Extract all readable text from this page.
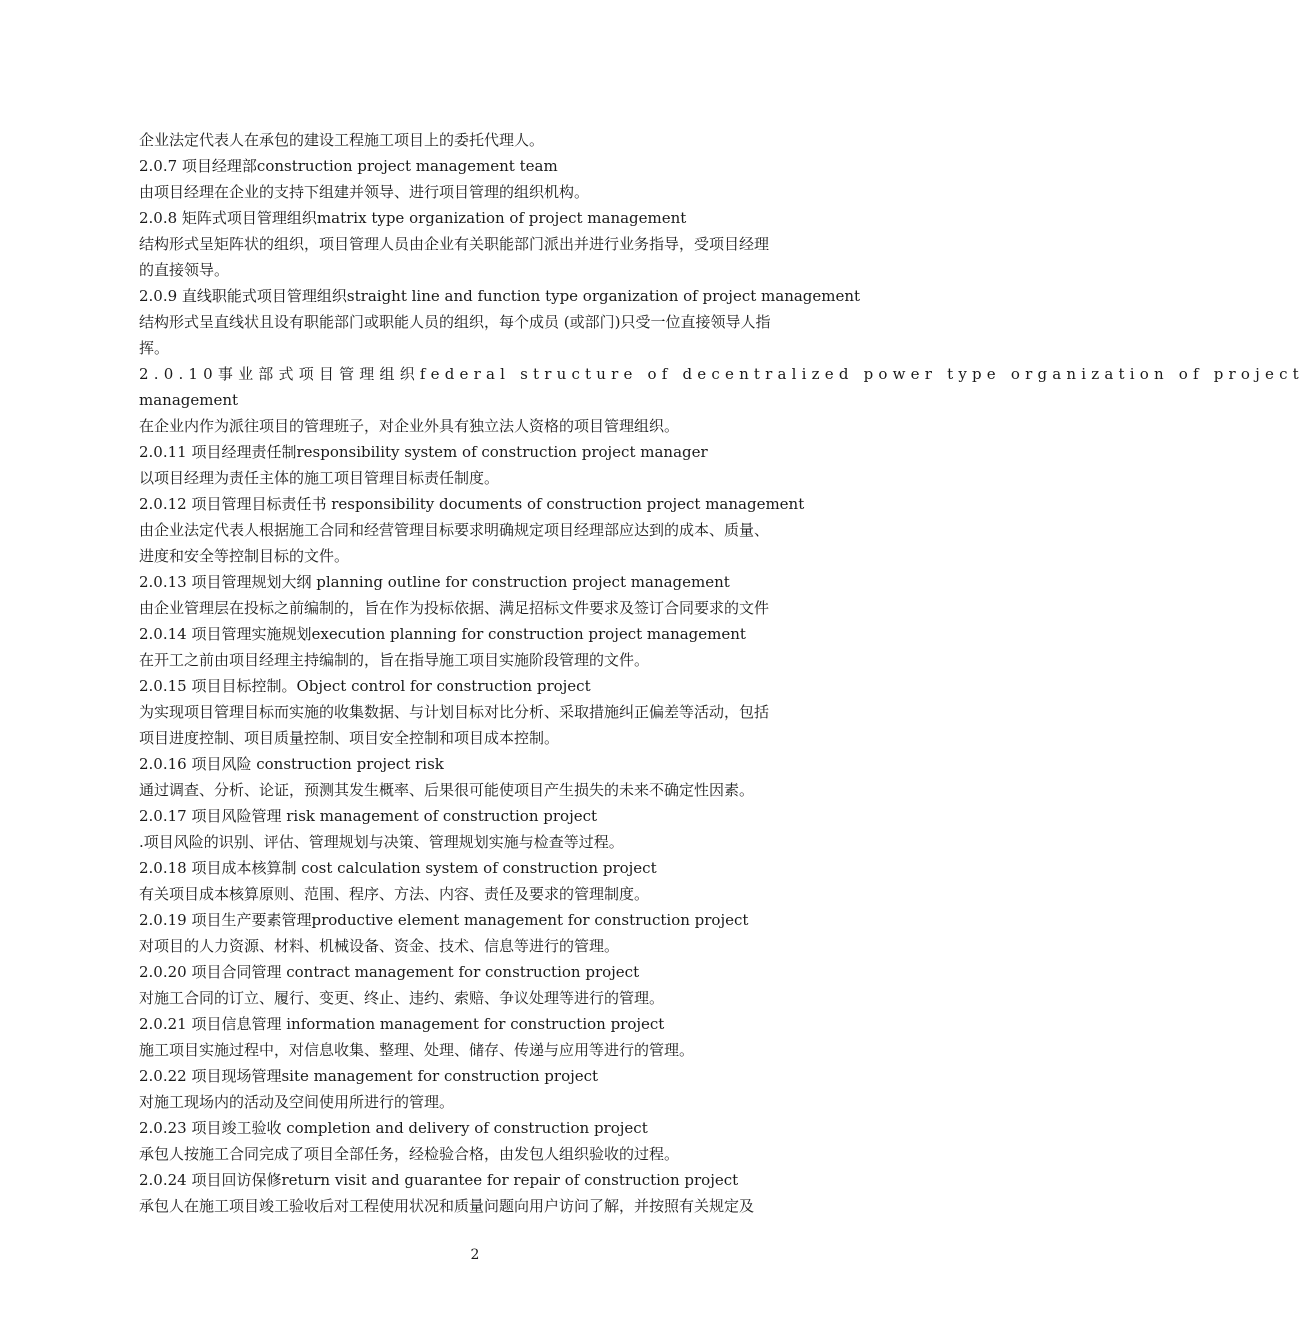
企业法定代表人在承包的建设工程施工项目上的委托代理人。
2.0.7 项目经理部construction project management team
由项目经理在企业的支持下组建并领导、进行项目管理的组织机构。
2.0.8 矩阵式项目管理组织matrix type organization of project management
结构形式呈矩阵状的组织，项目管理人员由企业有关职能部门派出并进行业务指导，受项目经理
的直接领导。
2.0.9 直线职能式项目管理组织straight line and function type organization of project management
结构形式呈直线状且设有职能部门或职能人员的组织，每个成员 (或部门)只受一位直接领导人指
挥。
2.0.10事业部式项目管理组织federal structure of decentralized power type organization of project
management
在企业内作为派往项目的管理班子，对企业外具有独立法人资格的项目管理组织。
2.0.11 项目经理责任制responsibility system of construction project manager
以项目经理为责任主体的施工项目管理目标责任制度。
2.0.12 项目管理目标责任书 responsibility documents of construction project management
由企业法定代表人根据施工合同和经营管理目标要求明确规定项目经理部应达到的成本、质量、
进度和安全等控制目标的文件。
2.0.13 项目管理规划大纲 planning outline for construction project management
由企业管理层在投标之前编制的，旨在作为投标依据、满足招标文件要求及签订合同要求的文件
2.0.14 项目管理实施规划execution planning for construction project management
在开工之前由项目经理主持编制的，旨在指导施工项目实施阶段管理的文件。
2.0.15 项目目标控制。Object control for construction project
为实现项目管理目标而实施的收集数据、与计划目标对比分析、采取措施纠正偏差等活动，包括
项目进度控制、项目质量控制、项目安全控制和项目成本控制。
2.0.16 项目风险 construction project risk
通过调查、分析、论证，预测其发生概率、后果很可能使项目产生损失的未来不确定性因素。
2.0.17 项目风险管理 risk management of construction project
.项目风险的识别、评估、管理规划与决策、管理规划实施与检查等过程。
2.0.18 项目成本核算制 cost calculation system of construction project
有关项目成本核算原则、范围、程序、方法、内容、责任及要求的管理制度。
2.0.19 项目生产要素管理productive element management for construction project
对项目的人力资源、材料、机械设备、资金、技术、信息等进行的管理。
2.0.20 项目合同管理 contract management for construction project
对施工合同的订立、履行、变更、终止、违约、索赔、争议处理等进行的管理。
2.0.21 项目信息管理 information management for construction project
施工项目实施过程中，对信息收集、整理、处理、储存、传递与应用等进行的管理。
2.0.22 项目现场管理site management for construction project
对施工现场内的活动及空间使用所进行的管理。
2.0.23 项目竣工验收 completion and delivery of construction project
承包人按施工合同完成了项目全部任务，经检验合格，由发包人组织验收的过程。
2.0.24 项目回访保修return visit and guarantee for repair of construction project
承包人在施工项目竣工验收后对工程使用状况和质量问题向用户访问了解，并按照有关规定及
2
